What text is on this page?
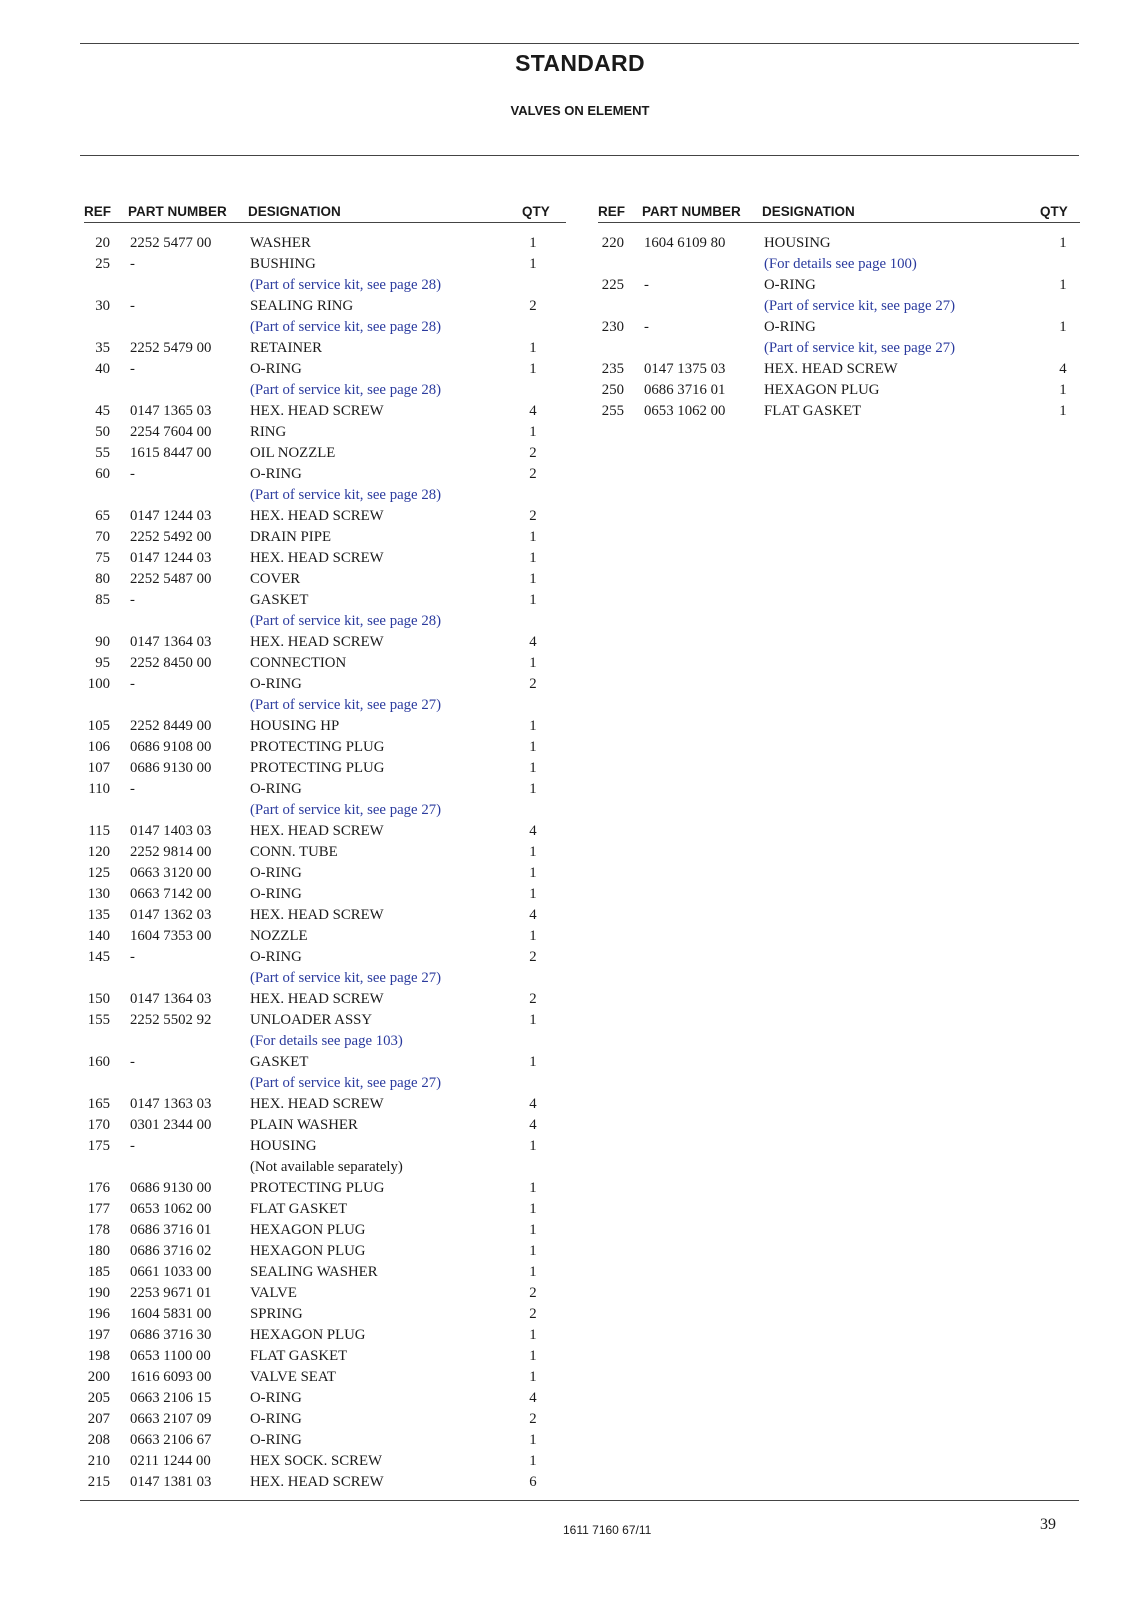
STANDARD
VALVES ON ELEMENT
REF PART NUMBER DESIGNATION	QTY
20 2252 5477 00	WASHER	1
25 -	BUSHING	1
(Part of service kit, see page 28)
30 -	SEALING RING	2
(Part of service kit, see page 28)
35 2252 5479 00	RETAINER	1
40 -	O-RING	1
(Part of service kit, see page 28)
45 0147 1365 03	HEX. HEAD SCREW	4
50 2254 7604 00	RING	1
55 1615 8447 00	OIL NOZZLE	2
60 -	O-RING	2
(Part of service kit, see page 28)
65 0147 1244 03	HEX. HEAD SCREW	2
70 2252 5492 00	DRAIN PIPE	1
75 0147 1244 03	HEX. HEAD SCREW	1
80 2252 5487 00	COVER	1
85 -	GASKET	1
(Part of service kit, see page 28)
90 0147 1364 03	HEX. HEAD SCREW	4
95 2252 8450 00	CONNECTION	1
100 -	O-RING	2
(Part of service kit, see page 27)
105 2252 8449 00	HOUSING HP	1
106 0686 9108 00	PROTECTING PLUG	1
107 0686 9130 00	PROTECTING PLUG	1
110 -	O-RING	1
(Part of service kit, see page 27)
115 0147 1403 03	HEX. HEAD SCREW	4
120 2252 9814 00	CONN. TUBE	1
125 0663 3120 00	O-RING	1
130 0663 7142 00	O-RING	1
135 0147 1362 03	HEX. HEAD SCREW	4
140 1604 7353 00	NOZZLE	1
145 -	O-RING	2
(Part of service kit, see page 27)
150 0147 1364 03	HEX. HEAD SCREW	2
155 2252 5502 92	UNLOADER ASSY	1
(For details see page 103)
160 -	GASKET	1
(Part of service kit, see page 27)
165 0147 1363 03	HEX. HEAD SCREW	4
170 0301 2344 00	PLAIN WASHER	4
175 -	HOUSING	1
(Not available separately)
176 0686 9130 00	PROTECTING PLUG	1
177 0653 1062 00	FLAT GASKET	1
178 0686 3716 01	HEXAGON PLUG	1
180 0686 3716 02	HEXAGON PLUG	1
185 0661 1033 00	SEALING WASHER	1
190 2253 9671 01	VALVE	2
196 1604 5831 00	SPRING	2
197 0686 3716 30	HEXAGON PLUG	1
198 0653 1100 00	FLAT GASKET	1
200 1616 6093 00	VALVE SEAT	1
205 0663 2106 15	O-RING	4
207 0663 2107 09	O-RING	2
208 0663 2106 67	O-RING	1
210 0211 1244 00	HEX SOCK. SCREW	1
215 0147 1381 03	HEX. HEAD SCREW	6
REF PART NUMBER DESIGNATION	QTY
220 1604 6109 80	HOUSING	1
(For details see page 100)
225 -	O-RING	1
(Part of service kit, see page 27)
230 -	O-RING	1
(Part of service kit, see page 27)
235 0147 1375 03	HEX. HEAD SCREW	4
250 0686 3716 01	HEXAGON PLUG	1
255 0653 1062 00	FLAT GASKET	1
1611 7160 67/11	39
